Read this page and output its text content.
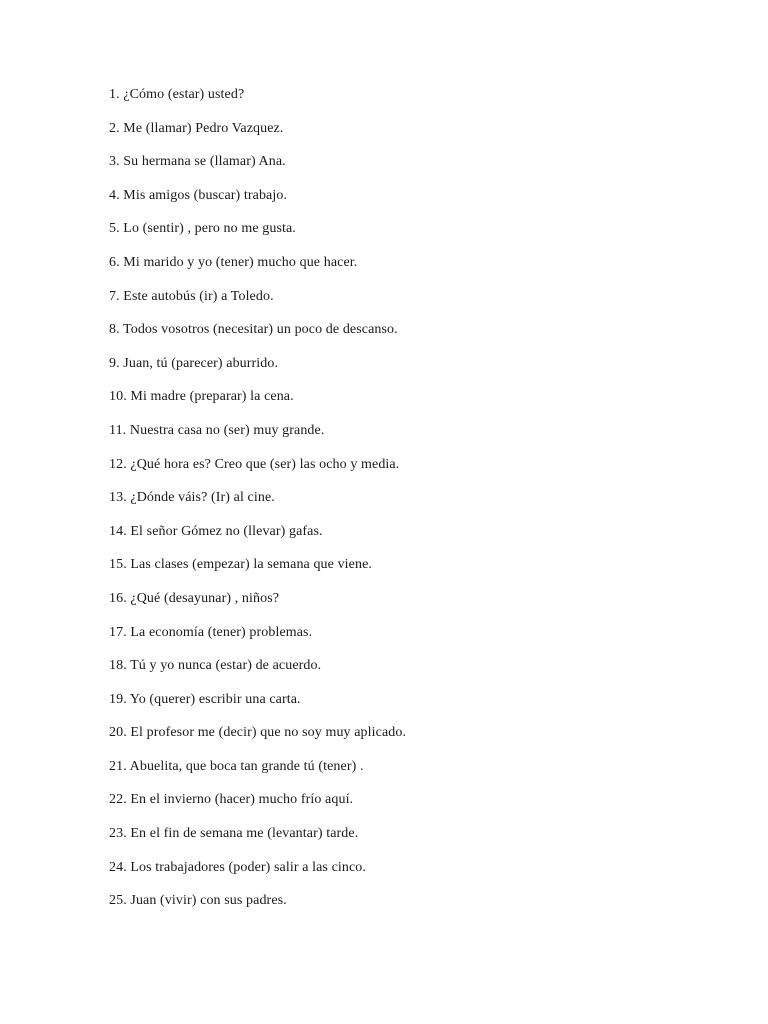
1. ¿Cómo (estar) usted?
2. Me (llamar) Pedro Vazquez.
3. Su hermana se (llamar) Ana.
4. Mis amigos (buscar) trabajo.
5. Lo (sentir) , pero no me gusta.
6. Mi marido y yo (tener) mucho que hacer.
7. Este autobús (ir) a Toledo.
8. Todos vosotros (necesitar) un poco de descanso.
9. Juan, tú (parecer) aburrido.
10. Mi madre (preparar) la cena.
11. Nuestra casa no (ser) muy grande.
12. ¿Qué hora es? Creo que (ser) las ocho y media.
13. ¿Dónde váis? (Ir) al cine.
14. El señor Gómez no (llevar) gafas.
15. Las clases (empezar) la semana que viene.
16. ¿Qué (desayunar) , niños?
17. La economía (tener) problemas.
18. Tú y yo nunca (estar) de acuerdo.
19. Yo (querer) escribir una carta.
20. El profesor me (decir) que no soy muy aplicado.
21. Abuelita, que boca tan grande tú (tener) .
22. En el invierno (hacer) mucho frío aquí.
23. En el fin de semana me (levantar) tarde.
24. Los trabajadores (poder) salir a las cinco.
25. Juan (vivir) con sus padres.
